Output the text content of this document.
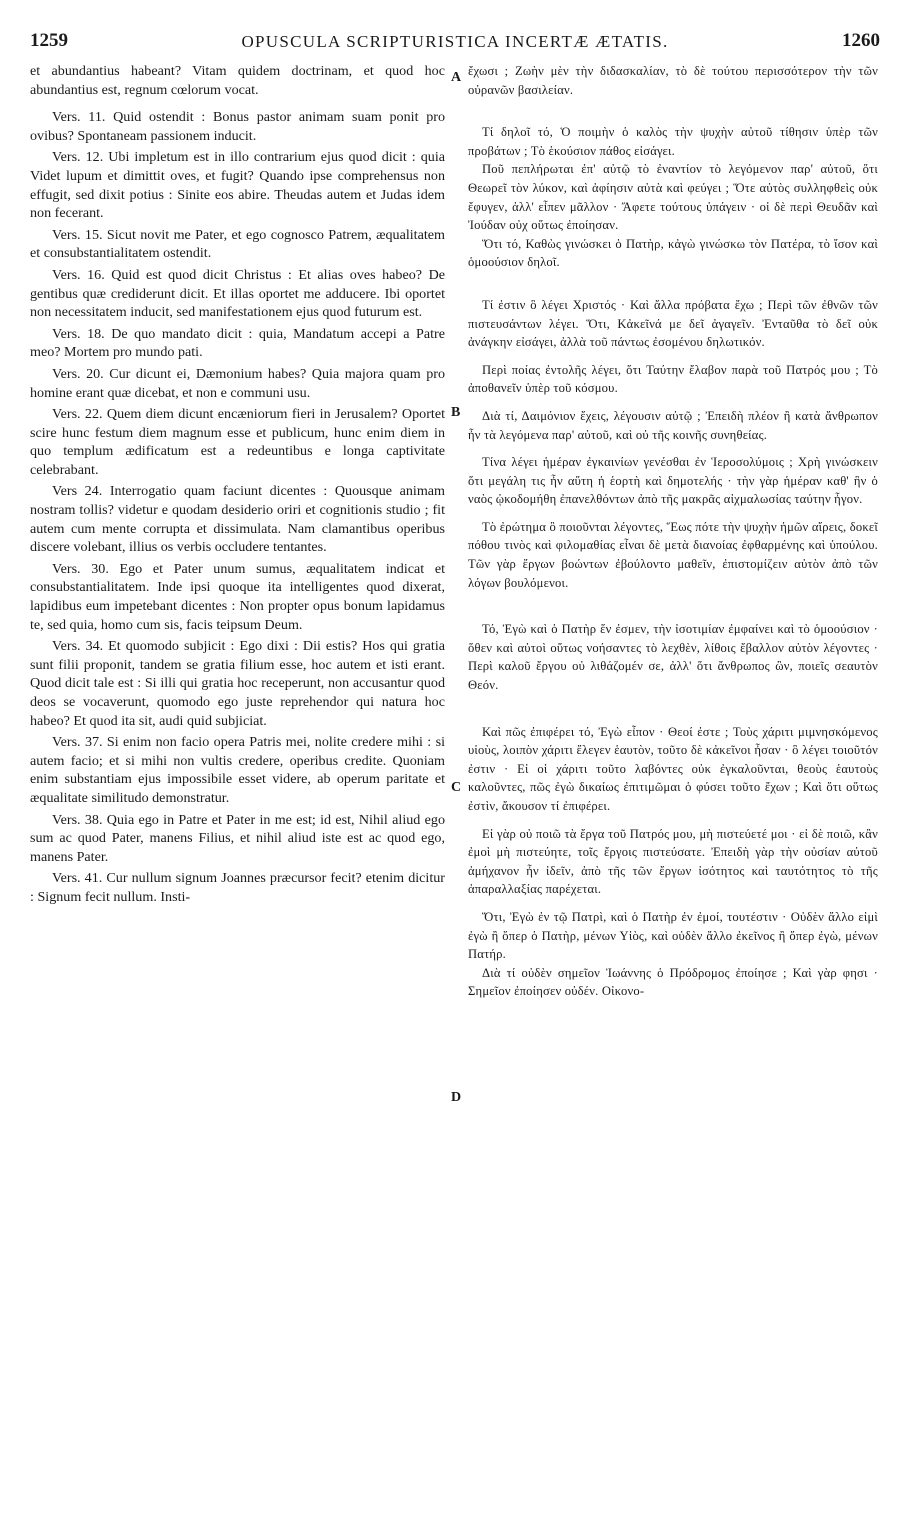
1259	OPUSCULA SCRIPTURISTICA INCERTÆ ÆTATIS.	1260
A
B
C
D

et abundantius habeant? Vitam quidem doctrinam, et quod hoc abundantius est, regnum cœlorum vocat.

Vers. 11. Quid ostendit : Bonus pastor animam suam ponit pro ovibus? Spontaneam passionem inducit.

Vers. 12. Ubi impletum est in illo contrarium ejus quod dicit : quia Videt lupum et dimittit oves, et fugit? Quando ipse comprehensus non effugit, sed dixit potius : Sinite eos abire. Theudas autem et Judas idem non fecerant.

Vers. 15. Sicut novit me Pater, et ego cognosco Patrem, æqualitatem et consubstantialitatem ostendit.

Vers. 16. Quid est quod dicit Christus : Et alias oves habeo? De gentibus quæ crediderunt dicit. Et illas oportet me adducere. Ibi oportet non necessitatem inducit, sed manifestationem ejus quod futurum est.

Vers. 18. De quo mandato dicit : quia, Mandatum accepi a Patre meo? Mortem pro mundo pati.

Vers. 20. Cur dicunt ei, Dæmonium habes? Quia majora quam pro homine erant quæ dicebat, et non e communi usu.

Vers. 22. Quem diem dicunt encæniorum fieri in Jerusalem? Oportet scire hunc festum diem magnum esse et publicum, hunc enim diem in quo templum ædificatum est a redeuntibus e longa captivitate celebrabant.

Vers 24. Interrogatio quam faciunt dicentes : Quousque animam nostram tollis? videtur e quodam desiderio oriri et cognitionis studio ; fit autem cum mente corrupta et dissimulata. Nam clamantibus operibus discere volebant, illius os verbis occludere tentantes.

Vers. 30. Ego et Pater unum sumus, æqualitatem indicat et consubstantialitatem. Inde ipsi quoque ita intelligentes quod dixerat, lapidibus eum impetebant dicentes : Non propter opus bonum lapidamus te, sed quia, homo cum sis, facis teipsum Deum.

Vers. 34. Et quomodo subjicit : Ego dixi : Dii estis? Hos qui gratia sunt filii proponit, tandem se gratia filium esse, hoc autem et isti erant. Quod dicit tale est : Si illi qui gratia hoc receperunt, non accusantur quod deos se vocaverunt, quomodo ego juste reprehendor qui natura hoc habeo? Et quod ita sit, audi quid subjiciat.

Vers. 37. Si enim non facio opera Patris mei, nolite credere mihi : si autem facio; et si mihi non vultis credere, operibus credite. Quoniam enim substantiam ejus impossibile esset videre, ab operum paritate et æqualitate similitudo demonstratur.

Vers. 38. Quia ego in Patre et Pater in me est; id est, Nihil aliud ego sum ac quod Pater, manens Filius, et nihil aliud iste est ac quod ego, manens Pater.

Vers. 41. Cur nullum signum Joannes præcursor fecit? etenim dicitur : Signum fecit nullum. Insti-

ἔχωσι ; Ζωὴν μὲν τὴν διδασκαλίαν, τὸ δὲ τούτου περισσότερον τὴν τῶν οὐρανῶν βασιλείαν.

Τί δηλοῖ τό, Ὁ ποιμὴν ὁ καλὸς τὴν ψυχὴν αὐτοῦ τίθησιν ὑπὲρ τῶν προβάτων ; Τὸ ἑκούσιον πάθος εἰσάγει.

Ποῦ πεπλήρωται ἐπ' αὐτῷ τὸ ἐναντίον τὸ λεγόμενον παρ' αὐτοῦ, ὅτι Θεωρεῖ τὸν λύκον, καὶ ἀφίησιν αὐτὰ καὶ φεύγει ; Ὅτε αὐτὸς συλληφθεὶς οὐκ ἔφυγεν, ἀλλ' εἶπεν μᾶλλον · Ἄφετε τούτους ὑπάγειν · οἱ δὲ περὶ Θευδᾶν καὶ Ἰούδαν οὐχ οὕτως ἐποίησαν.

Ὅτι τό, Καθὼς γινώσκει ὁ Πατὴρ, κἀγὼ γινώσκω τὸν Πατέρα, τὸ ἴσον καὶ ὁμοούσιον δηλοῖ.

Τί ἐστιν ὃ λέγει Χριστός · Καὶ ἄλλα πρόβατα ἔχω ; Περὶ τῶν ἐθνῶν τῶν πιστευσάντων λέγει. Ὅτι, Κἀκεῖνά με δεῖ ἀγαγεῖν. Ἐνταῦθα τὸ δεῖ οὐκ ἀνάγκην εἰσάγει, ἀλλὰ τοῦ πάντως ἐσομένου δηλωτικόν.

Περὶ ποίας ἐντολῆς λέγει, ὅτι Ταύτην ἔλαβον παρὰ τοῦ Πατρός μου ; Τὸ ἀποθανεῖν ὑπὲρ τοῦ κόσμου.

Διὰ τί, Δαιμόνιον ἔχεις, λέγουσιν αὐτῷ ; Ἐπειδὴ πλέον ἢ κατὰ ἄνθρωπον ἦν τὰ λεγόμενα παρ' αὐτοῦ, καὶ οὐ τῆς κοινῆς συνηθείας.

Τίνα λέγει ἡμέραν ἐγκαινίων γενέσθαι ἐν Ἱεροσολύμοις ; Χρὴ γινώσκειν ὅτι μεγάλη τις ἦν αὕτη ἡ ἑορτὴ καὶ δημοτελής · τὴν γὰρ ἡμέραν καθ' ἣν ὁ ναὸς ᾠκοδομήθη ἐπανελθόντων ἀπὸ τῆς μακρᾶς αἰχμαλωσίας ταύτην ἦγον.

Τὸ ἐρώτημα ὃ ποιοῦνται λέγοντες, Ἕως πότε τὴν ψυχὴν ἡμῶν αἴρεις, δοκεῖ πόθου τινὸς καὶ φιλομαθίας εἶναι δὲ μετὰ διανοίας ἐφθαρμένης καὶ ὑπούλου. Τῶν γὰρ ἔργων βοώντων ἐβούλοντο μαθεῖν, ἐπιστομίζειν αὐτὸν ἀπὸ τῶν λόγων βουλόμενοι.

Τό, Ἐγὼ καὶ ὁ Πατὴρ ἕν ἐσμεν, τὴν ἰσοτιμίαν ἐμφαίνει καὶ τὸ ὁμοούσιον · ὅθεν καὶ αὐτοὶ οὕτως νοήσαντες τὸ λεχθὲν, λίθοις ἔβαλλον αὐτὸν λέγοντες · Περὶ καλοῦ ἔργου οὐ λιθάζομέν σε, ἀλλ' ὅτι ἄνθρωπος ὢν, ποιεῖς σεαυτὸν Θεόν.

Καὶ πῶς ἐπιφέρει τό, Ἐγὼ εἶπον · Θεοί ἐστε ; Τοὺς χάριτι μιμνησκόμενος υἱοὺς, λοιπὸν χάριτι ἔλεγεν ἑαυτὸν, τοῦτο δὲ κἀκεῖνοι ἦσαν · ὃ λέγει τοιοῦτόν ἐστιν · Εἰ οἱ χάριτι τοῦτο λαβόντες οὐκ ἐγκαλοῦνται, θεοὺς ἑαυτοὺς καλοῦντες, πῶς ἐγὼ δικαίως ἐπιτιμῶμαι ὁ φύσει τοῦτο ἔχων ; Καὶ ὅτι οὕτως ἐστὶν, ἄκουσον τί ἐπιφέρει.

Εἰ γὰρ οὐ ποιῶ τὰ ἔργα τοῦ Πατρός μου, μὴ πιστεύετέ μοι · εἰ δὲ ποιῶ, κἂν ἐμοὶ μὴ πιστεύητε, τοῖς ἔργοις πιστεύσατε. Ἐπειδὴ γὰρ τὴν οὐσίαν αὐτοῦ ἀμήχανον ἦν ἰδεῖν, ἀπὸ τῆς τῶν ἔργων ἰσότητος καὶ ταυτότητος τὸ τῆς ἀπαραλλαξίας παρέχεται.

Ὅτι, Ἐγὼ ἐν τῷ Πατρὶ, καὶ ὁ Πατὴρ ἐν ἐμοί, τουτέστιν · Οὐδὲν ἄλλο εἰμὶ ἐγὼ ἢ ὅπερ ὁ Πατὴρ, μένων Υἱὸς, καὶ οὐδὲν ἄλλο ἐκεῖνος ἢ ὅπερ ἐγὼ, μένων Πατήρ.

Διὰ τί οὐδὲν σημεῖον Ἰωάννης ὁ Πρόδρομος ἐποίησε ; Καὶ γὰρ φησι · Σημεῖον ἐποίησεν οὐδέν. Οἰκονο-
